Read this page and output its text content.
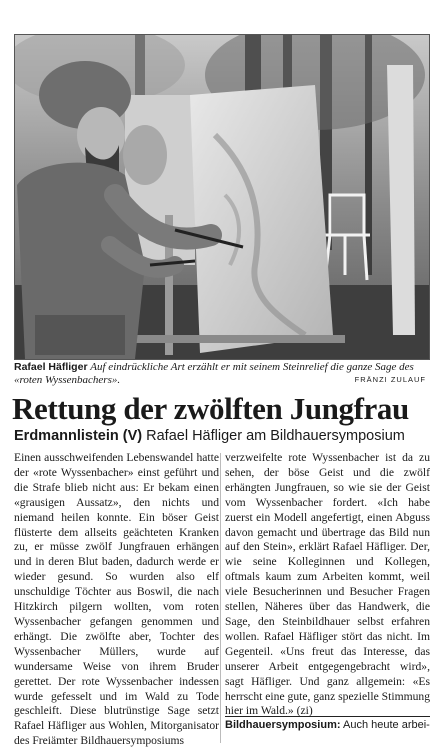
Rafael Häfliger Auf eindrückliche Art erzählt er mit seinem Steinrelief die ganze Sage des «roten Wyssenbachers».	FRÄNZI ZULAUF
Rettung der zwölften Jungfrau
Erdmannlistein (V) Rafael Häfliger am Bildhauersymposium

Einen ausschweifenden Lebenswandel hatte der «rote Wyssenbacher» einst geführt und die Strafe blieb nicht aus: Er bekam einen «grausigen Aussatz», den nichts und niemand heilen konnte. Ein böser Geist flüsterte dem allseits geächteten Kranken zu, er müsse zwölf Jungfrauen erhängen und in deren Blut baden, dadurch werde er wieder gesund. So wurden also elf unschuldige Töchter aus Boswil, die nach Hitzkirch pilgern wollten, vom roten Wyssenbacher gefangen genommen und erhängt. Die zwölfte aber, Tochter des Wyssenbacher Müllers, wurde auf wundersame Weise von ihrem Bruder gerettet. Der rote Wyssenbacher indessen wurde gefesselt und im Wald zu Tode geschleift. Diese blutrünstige Sage setzt Rafael Häfliger aus Wohlen, Mitorganisator des Freiämter Bildhauersymposiums

verzweifelte rote Wyssenbacher ist da zu sehen, der böse Geist und die zwölf erhängten Jungfrauen, so wie sie der Geist vom Wyssenbacher fordert. «Ich habe zuerst ein Modell angefertigt, einen Abguss davon gemacht und übertrage das Bild nun auf den Stein», erklärt Rafael Häfliger. Der, wie seine Kolleginnen und Kollegen, oftmals kaum zum Arbeiten kommt, weil viele Besucherinnen und Besucher Fragen stellen, Näheres über das Handwerk, die Sage, den Steinbildhauer selbst erfahren wollen. Rafael Häfliger stört das nicht. Im Gegenteil. «Uns freut das Interesse, das unserer Arbeit entgegengebracht wird», sagt Häfliger. Und ganz allgemein: «Es herrscht eine gute, ganz spezielle Stimmung hier im Wald.» (zi)

Bildhauersymposium: Auch heute arbei-
